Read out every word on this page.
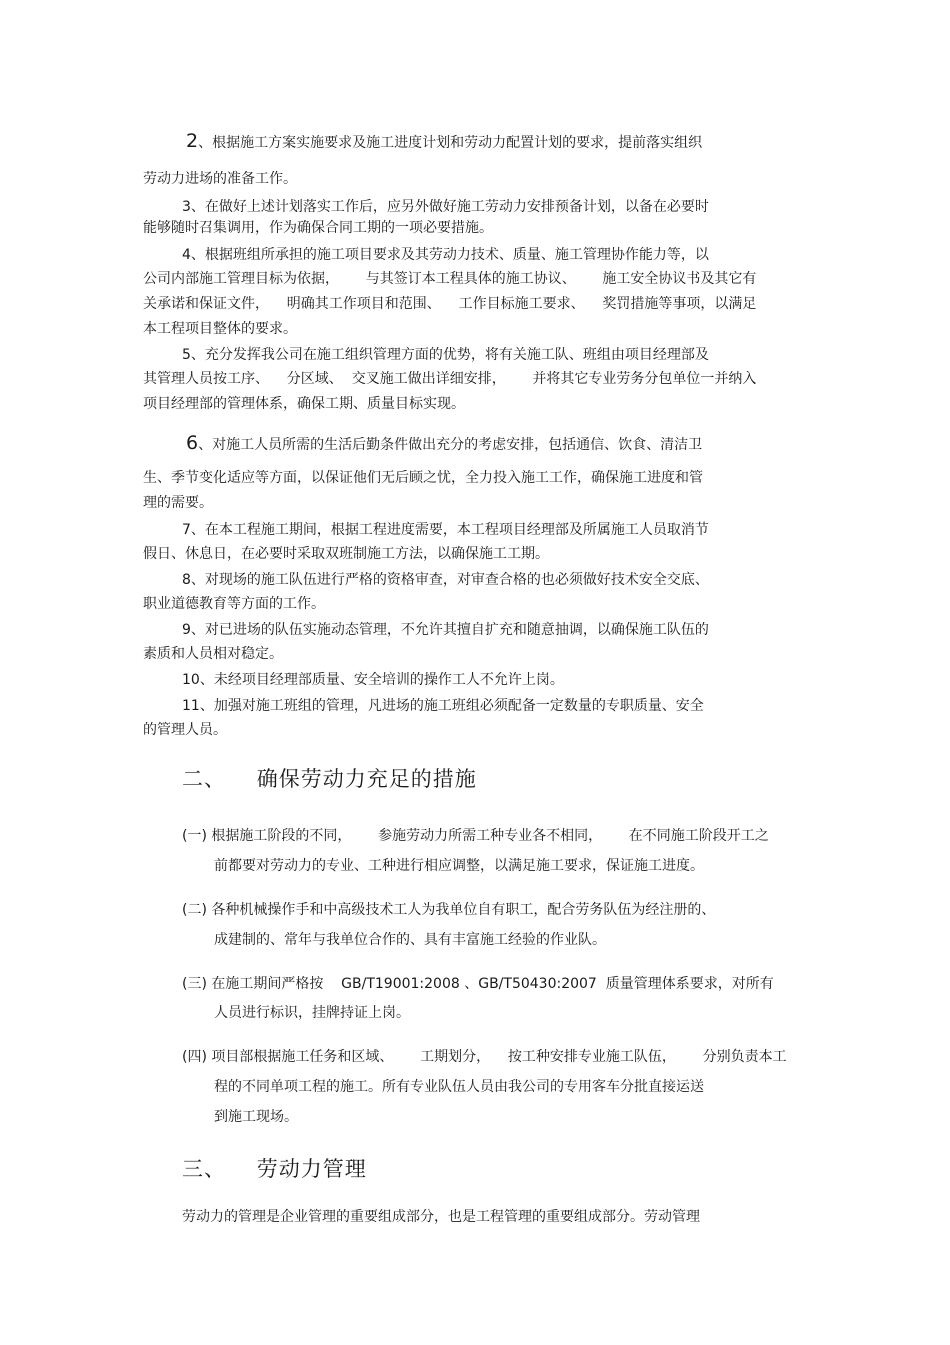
2、根据施工方案实施要求及施工进度计划和劳动力配置计划的要求，提前落实组织
劳动力进场的准备工作。
3、在做好上述计划落实工作后，应另外做好施工劳动力安排预备计划，以备在必要时
能够随时召集调用，作为确保合同工期的一项必要措施。
4、根据班组所承担的施工项目要求及其劳动力技术、质量、施工管理协作能力等，以
公司内部施工管理目标为依据，      与其签订本工程具体的施工协议、      施工安全协议书及其它有
关承诺和保证文件，    明确其工作项目和范围、    工作目标施工要求、    奖罚措施等事项，以满足
本工程项目整体的要求。
5、充分发挥我公司在施工组织管理方面的优势，将有关施工队、班组由项目经理部及
其管理人员按工序、    分区域、  交叉施工做出详细安排，      并将其它专业劳务分包单位一并纳入
项目经理部的管理体系，确保工期、质量目标实现。
6、对施工人员所需的生活后勤条件做出充分的考虑安排，包括通信、饮食、清洁卫
生、季节变化适应等方面，以保证他们无后顾之忧，全力投入施工工作，确保施工进度和管
理的需要。
7、在本工程施工期间，根据工程进度需要，本工程项目经理部及所属施工人员取消节
假日、休息日，在必要时采取双班制施工方法，以确保施工工期。
8、对现场的施工队伍进行严格的资格审查，对审查合格的也必须做好技术安全交底、
职业道德教育等方面的工作。
9、对已进场的队伍实施动态管理，不允许其擅自扩充和随意抽调，以确保施工队伍的
素质和人员相对稳定。
10、未经项目经理部质量、安全培训的操作工人不允许上岗。
11、加强对施工班组的管理，凡进场的施工班组必须配备一定数量的专职质量、安全
的管理人员。
二、    确保劳动力充足的措施
(一) 根据施工阶段的不同，      参施劳动力所需工种专业各不相同，      在不同施工阶段开工之
前都要对劳动力的专业、工种进行相应调整，以满足施工要求，保证施工进度。
(二) 各种机械操作手和中高级技术工人为我单位自有职工，配合劳务队伍为经注册的、
成建制的、常年与我单位合作的、具有丰富施工经验的作业队。
(三) 在施工期间严格按    GB/T19001:2008 、GB/T50430:2007  质量管理体系要求，对所有
人员进行标识，挂牌持证上岗。
(四) 项目部根据施工任务和区域、      工期划分，    按工种安排专业施工队伍，      分别负责本工
程的不同单项工程的施工。所有专业队伍人员由我公司的专用客车分批直接运送
到施工现场。
三、    劳动力管理
劳动力的管理是企业管理的重要组成部分，也是工程管理的重要组成部分。劳动管理
